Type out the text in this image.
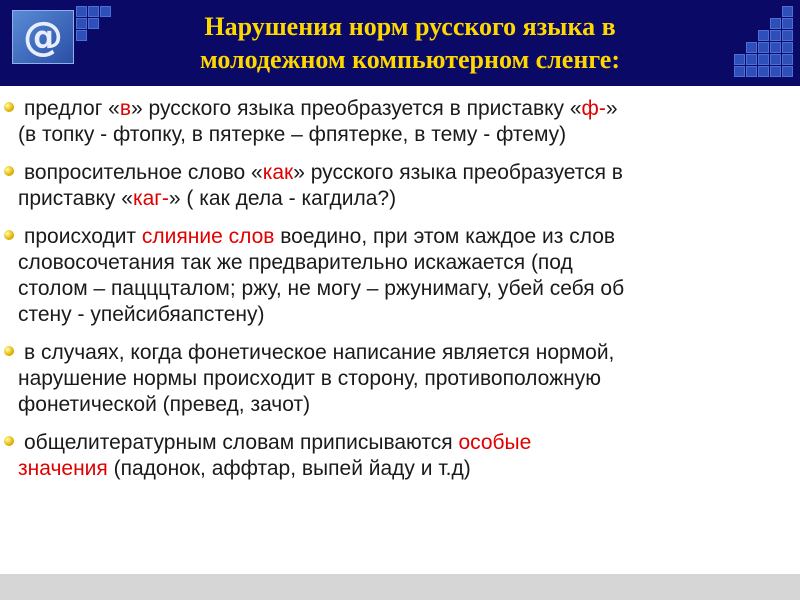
@	Нарушения норм русского языка в
молодежном компьютерном сленге:
предлог «в» русского языка преобразуется в приставку «ф-»
(в топку - фтопку, в пятерке – фпятерке, в тему - фтему)
вопросительное слово «как» русского языка преобразуется в
приставку «каг-» ( как дела - кагдила?)
происходит слияние слов воедино, при этом каждое из слов
словосочетания так же предварительно искажается (под
столом – пацццталом; ржу, не могу – ржунимагу, убей себя об
стену - упейсибяапстену)
в случаях, когда фонетическое написание является нормой,
нарушение нормы происходит в сторону, противоположную
фонетической (превед, зачот)
общелитературным словам приписываются особые
значения (падонок, аффтар, выпей йаду и т.д)
